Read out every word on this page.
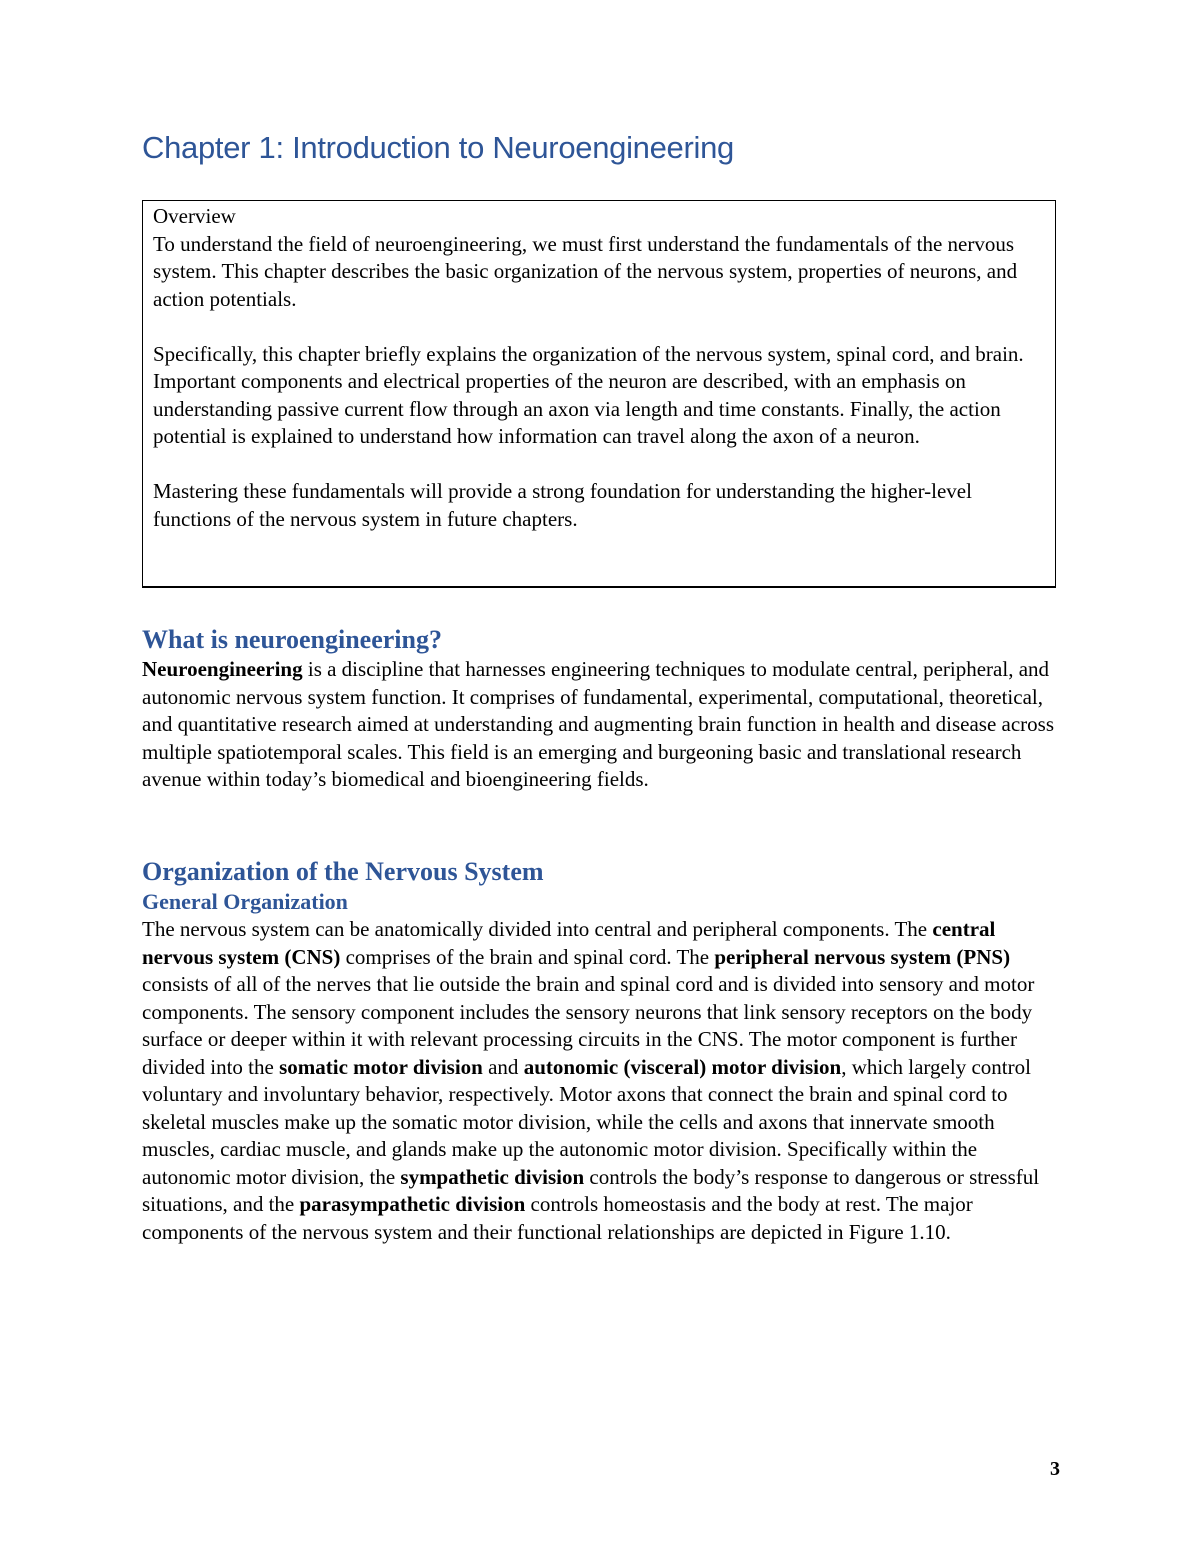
Chapter 1: Introduction to Neuroengineering

Overview
To understand the field of neuroengineering, we must first understand the fundamentals of the nervous system. This chapter describes the basic organization of the nervous system, properties of neurons, and action potentials.

Specifically, this chapter briefly explains the organization of the nervous system, spinal cord, and brain. Important components and electrical properties of the neuron are described, with an emphasis on understanding passive current flow through an axon via length and time constants. Finally, the action potential is explained to understand how information can travel along the axon of a neuron.

Mastering these fundamentals will provide a strong foundation for understanding the higher-level functions of the nervous system in future chapters.

What is neuroengineering?

Neuroengineering is a discipline that harnesses engineering techniques to modulate central, peripheral, and autonomic nervous system function. It comprises of fundamental, experimental, computational, theoretical, and quantitative research aimed at understanding and augmenting brain function in health and disease across multiple spatiotemporal scales. This field is an emerging and burgeoning basic and translational research avenue within today’s biomedical and bioengineering fields.

Organization of the Nervous System
General Organization

The nervous system can be anatomically divided into central and peripheral components. The central nervous system (CNS) comprises of the brain and spinal cord. The peripheral nervous system (PNS) consists of all of the nerves that lie outside the brain and spinal cord and is divided into sensory and motor components. The sensory component includes the sensory neurons that link sensory receptors on the body surface or deeper within it with relevant processing circuits in the CNS. The motor component is further divided into the somatic motor division and autonomic (visceral) motor division, which largely control voluntary and involuntary behavior, respectively. Motor axons that connect the brain and spinal cord to skeletal muscles make up the somatic motor division, while the cells and axons that innervate smooth muscles, cardiac muscle, and glands make up the autonomic motor division. Specifically within the autonomic motor division, the sympathetic division controls the body’s response to dangerous or stressful situations, and the parasympathetic division controls homeostasis and the body at rest. The major components of the nervous system and their functional relationships are depicted in Figure 1.10.

3
